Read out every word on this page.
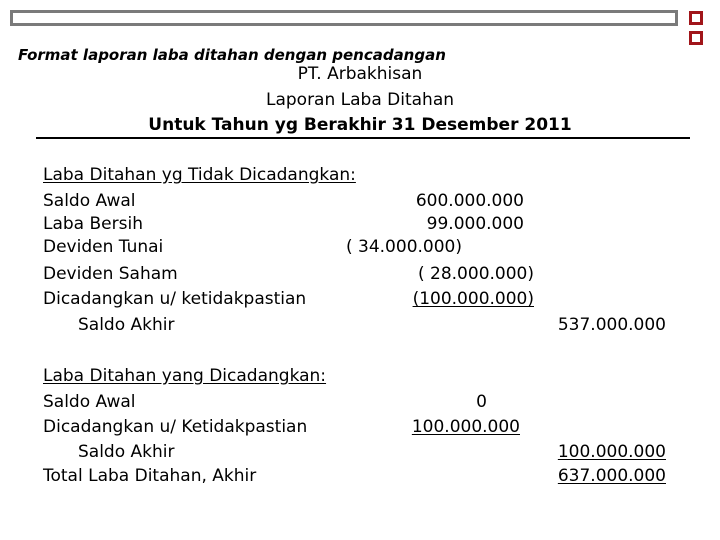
Format laporan laba ditahan dengan pencadangan
PT. Arbakhisan
Laporan Laba Ditahan
Untuk Tahun yg Berakhir 31 Desember 2011
Laba Ditahan yg Tidak Dicadangkan:
Saldo Awal	600.000.000
Laba Bersih	99.000.000
Deviden Tunai	( 34.000.000)
Deviden Saham	( 28.000.000)
Dicadangkan u/ ketidakpastian	(100.000.000)
Saldo Akhir	537.000.000
Laba Ditahan yang Dicadangkan:
Saldo Awal	0
Dicadangkan u/ Ketidakpastian	100.000.000
Saldo Akhir	100.000.000
Total Laba Ditahan, Akhir	637.000.000
